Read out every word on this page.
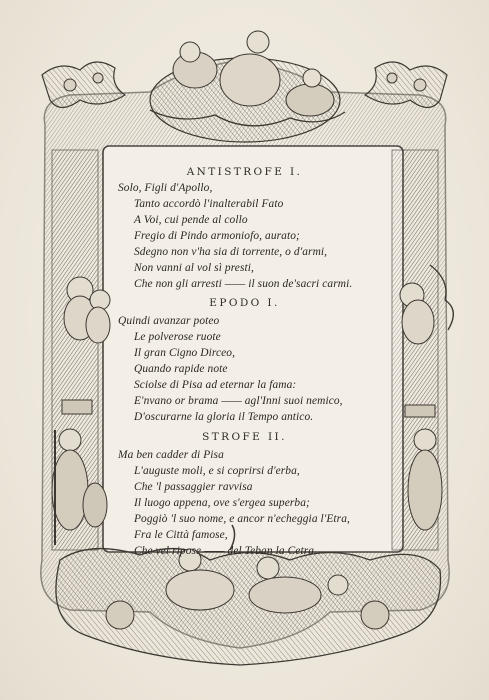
ANTISTROFE I.
Solo, Figli d'Apollo,
Tanto accordò l'inalterabil Fato
A Voi, cui pende al collo
Fregio di Pindo armoniofo, aurato;
Sdegno non v'ha sia di torrente, o d'armi,
Non vanni al vol sì presti,
Che non gli arresti —— il suon de'sacri carmi.
EPODO I.
Quindi avanzar poteo
Le polverose ruote
Il gran Cigno Dirceo,
Quando rapide note
Sciolse di Pisa ad eternar la fama:
E'nvano or brama —— agl'Inni suoi nemico,
D'oscurarne la gloria il Tempo antico.
STROFE II.
Ma ben cadder di Pisa
L'auguste moli, e si coprirsi d'erba,
Che 'l passaggier ravvisa
Il luogo appena, ove s'ergea superba;
Poggiò 'l suo nome, e ancor n'echeggia l'Etra,
Fra le Città famose,
Che vel ripose —— del Teban la Cetra.
